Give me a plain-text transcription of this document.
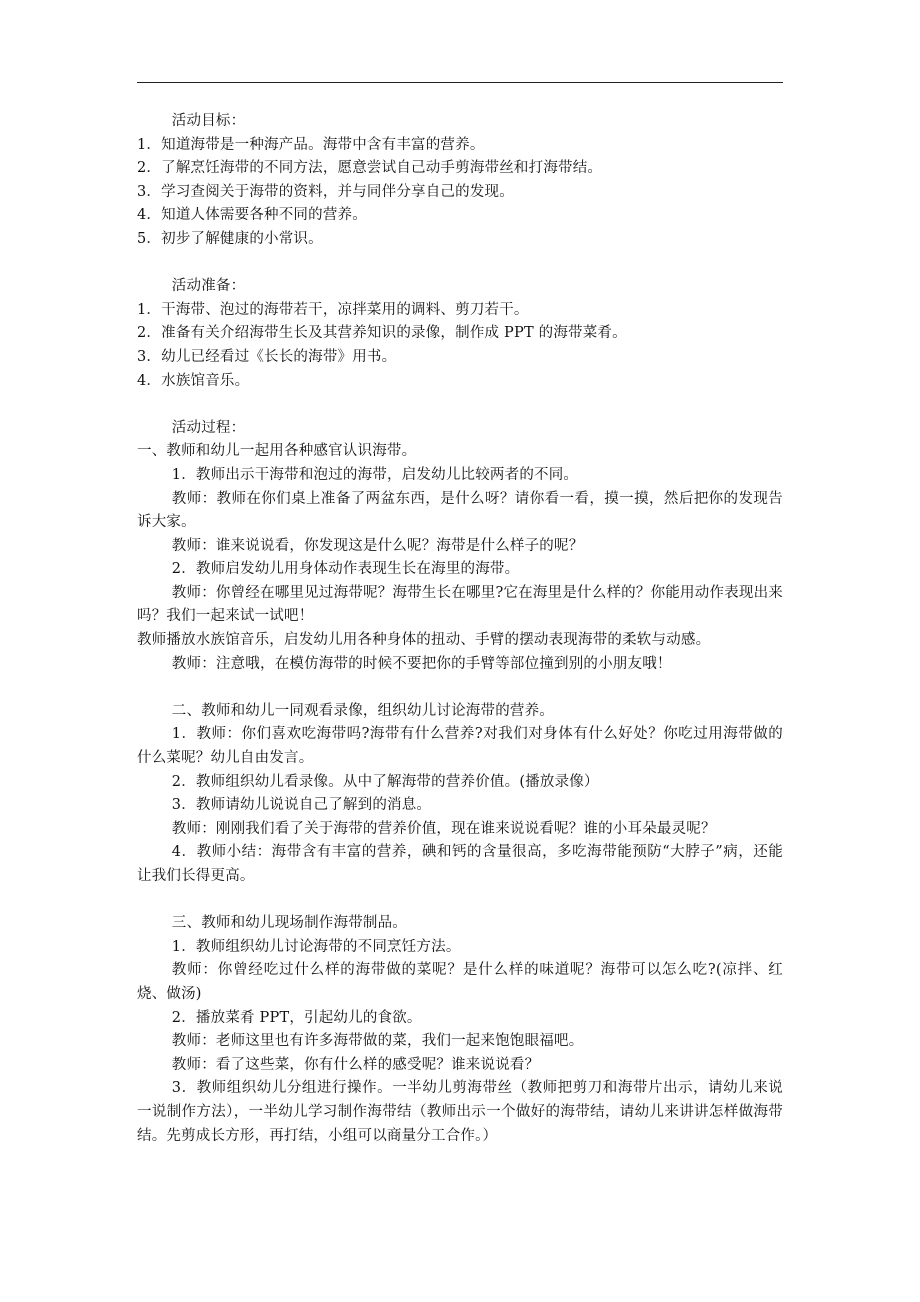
活动目标：

1．知道海带是一种海产品。海带中含有丰富的营养。

2．了解烹饪海带的不同方法，愿意尝试自己动手剪海带丝和打海带结。

3．学习查阅关于海带的资料，并与同伴分享自己的发现。

4．知道人体需要各种不同的营养。

5．初步了解健康的小常识。

活动准备：

1．干海带、泡过的海带若干，凉拌菜用的调料、剪刀若干。

2．准备有关介绍海带生长及其营养知识的录像，制作成 PPT 的海带菜肴。

3．幼儿已经看过《长长的海带》用书。

4．水族馆音乐。

活动过程：

一、教师和幼儿一起用各种感官认识海带。

1．教师出示干海带和泡过的海带，启发幼儿比较两者的不同。

教师：教师在你们桌上准备了两盆东西，是什么呀？请你看一看，摸一摸，然后把你的发现告诉大家。

教师：谁来说说看，你发现这是什么呢？海带是什么样子的呢？

2．教师启发幼儿用身体动作表现生长在海里的海带。

教师：你曾经在哪里见过海带呢？海带生长在哪里?它在海里是什么样的？你能用动作表现出来吗？我们一起来试一试吧！

教师播放水族馆音乐，启发幼儿用各种身体的扭动、手臂的摆动表现海带的柔软与动感。

教师：注意哦，在模仿海带的时候不要把你的手臂等部位撞到别的小朋友哦！

二、教师和幼儿一同观看录像，组织幼儿讨论海带的营养。

1．教师：你们喜欢吃海带吗?海带有什么营养?对我们对身体有什么好处？你吃过用海带做的什么菜呢？幼儿自由发言。

2．教师组织幼儿看录像。从中了解海带的营养价值。(播放录像）

3．教师请幼儿说说自己了解到的消息。

教师：刚刚我们看了关于海带的营养价值，现在谁来说说看呢？谁的小耳朵最灵呢？

4．教师小结：海带含有丰富的营养，碘和钙的含量很高，多吃海带能预防“大脖子”病，还能让我们长得更高。

三、教师和幼儿现场制作海带制品。

1．教师组织幼儿讨论海带的不同烹饪方法。

教师：你曾经吃过什么样的海带做的菜呢？是什么样的味道呢？海带可以怎么吃?(凉拌、红烧、做汤)

2．播放菜肴 PPT，引起幼儿的食欲。

教师：老师这里也有许多海带做的菜，我们一起来饱饱眼福吧。

教师：看了这些菜，你有什么样的感受呢？谁来说说看？

3．教师组织幼儿分组进行操作。一半幼儿剪海带丝（教师把剪刀和海带片出示，请幼儿来说一说制作方法），一半幼儿学习制作海带结（教师出示一个做好的海带结，请幼儿来讲讲怎样做海带结。先剪成长方形，再打结，小组可以商量分工合作。）
